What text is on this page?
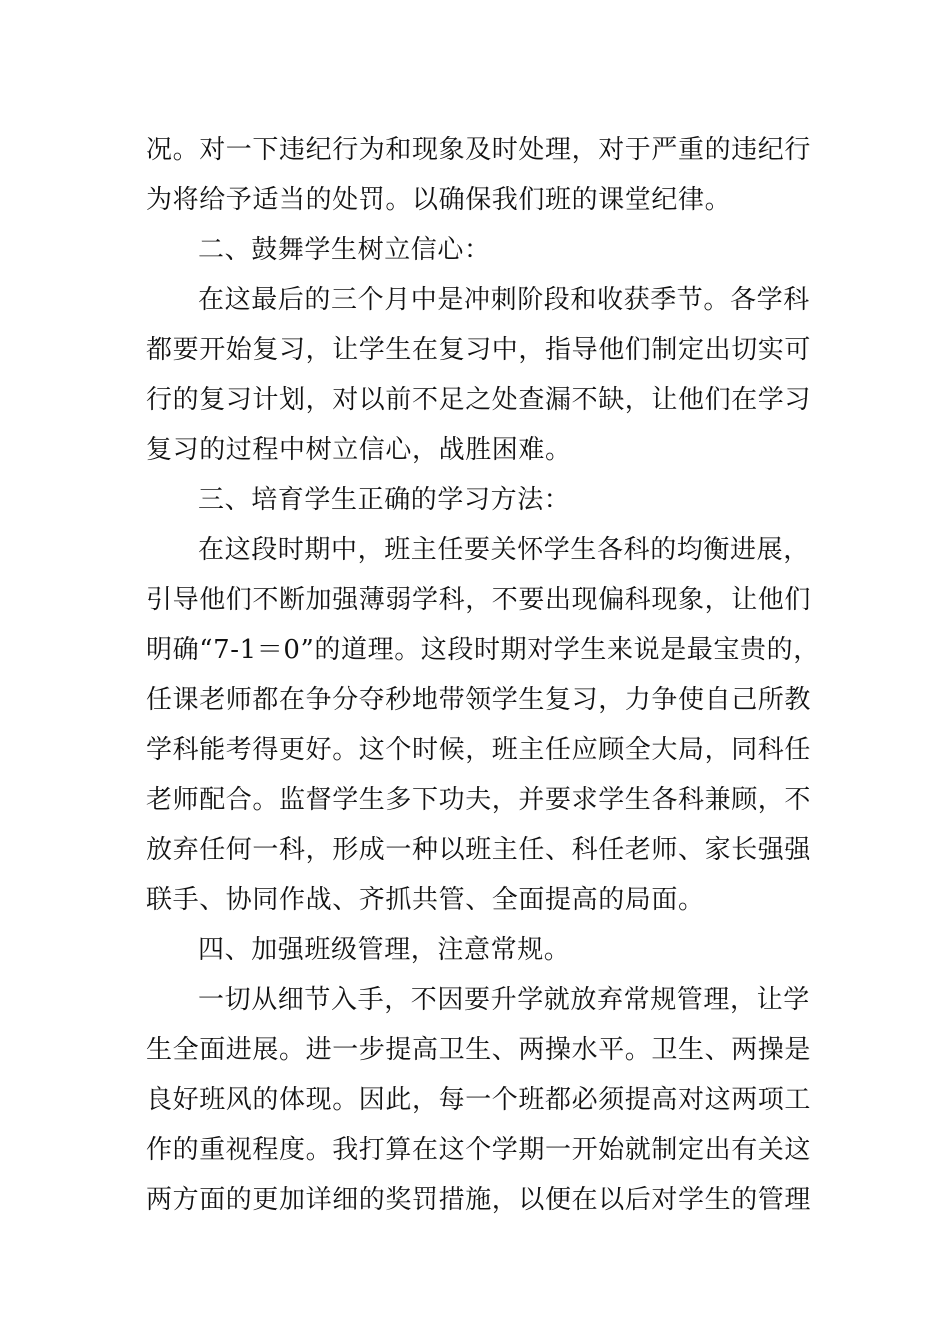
况。对一下违纪行为和现象及时处理，对于严重的违纪行
为将给予适当的处罚。以确保我们班的课堂纪律。
二、鼓舞学生树立信心：
在这最后的三个月中是冲刺阶段和收获季节。各学科
都要开始复习，让学生在复习中，指导他们制定出切实可
行的复习计划，对以前不足之处查漏不缺，让他们在学习
复习的过程中树立信心，战胜困难。
三、培育学生正确的学习方法：
在这段时期中，班主任要关怀学生各科的均衡进展，
引导他们不断加强薄弱学科，不要出现偏科现象，让他们
明确“7-1＝0”的道理。这段时期对学生来说是最宝贵的，
任课老师都在争分夺秒地带领学生复习，力争使自己所教
学科能考得更好。这个时候，班主任应顾全大局，同科任
老师配合。监督学生多下功夫，并要求学生各科兼顾，不
放弃任何一科，形成一种以班主任、科任老师、家长强强
联手、协同作战、齐抓共管、全面提高的局面。
四、加强班级管理，注意常规。
一切从细节入手，不因要升学就放弃常规管理，让学
生全面进展。进一步提高卫生、两操水平。卫生、两操是
良好班风的体现。因此，每一个班都必须提高对这两项工
作的重视程度。我打算在这个学期一开始就制定出有关这
两方面的更加详细的奖罚措施，以便在以后对学生的管理
